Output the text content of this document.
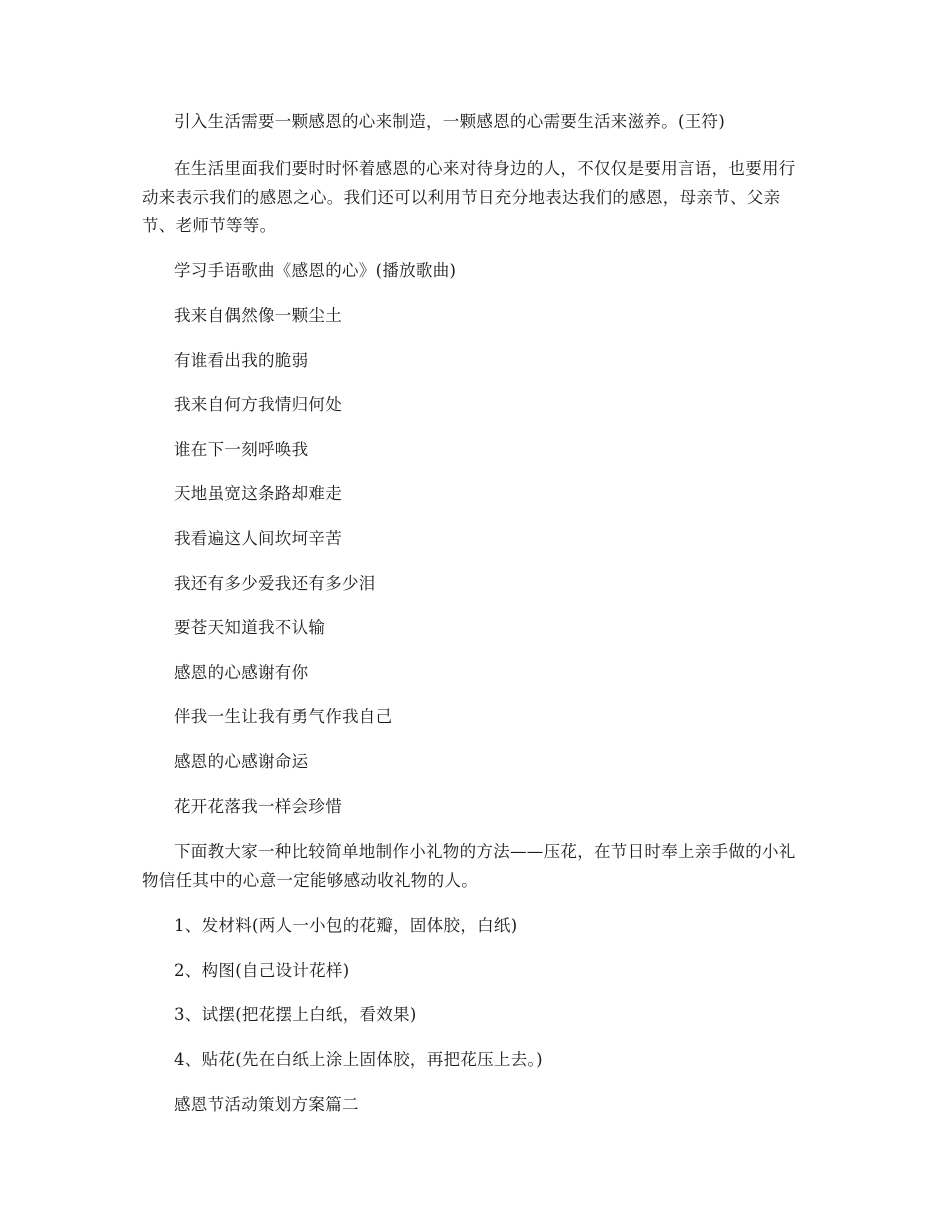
引入生活需要一颗感恩的心来制造，一颗感恩的心需要生活来滋养。(王符)

在生活里面我们要时时怀着感恩的心来对待身边的人，不仅仅是要用言语，也要用行动来表示我们的感恩之心。我们还可以利用节日充分地表达我们的感恩，母亲节、父亲节、老师节等等。

学习手语歌曲《感恩的心》(播放歌曲)

我来自偶然像一颗尘土

有谁看出我的脆弱

我来自何方我情归何处

谁在下一刻呼唤我

天地虽宽这条路却难走

我看遍这人间坎坷辛苦

我还有多少爱我还有多少泪

要苍天知道我不认输

感恩的心感谢有你

伴我一生让我有勇气作我自己

感恩的心感谢命运

花开花落我一样会珍惜

下面教大家一种比较简单地制作小礼物的方法——压花，在节日时奉上亲手做的小礼物信任其中的心意一定能够感动收礼物的人。

1、发材料(两人一小包的花瓣，固体胶，白纸)

2、构图(自己设计花样)

3、试摆(把花摆上白纸，看效果)

4、贴花(先在白纸上涂上固体胶，再把花压上去。)

感恩节活动策划方案篇二
